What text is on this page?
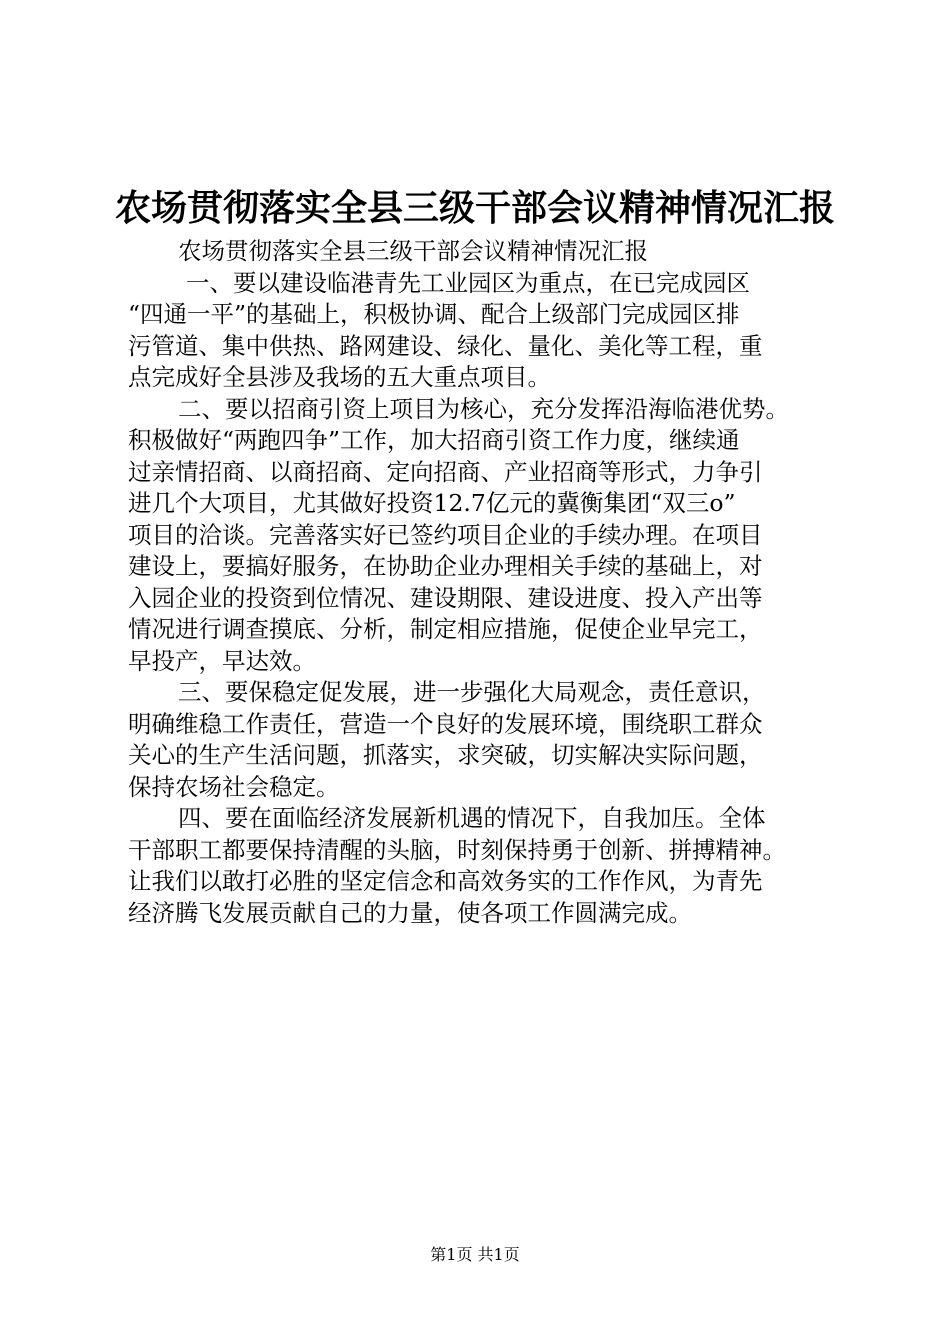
农场贯彻落实全县三级干部会议精神情况汇报
农场贯彻落实全县三级干部会议精神情况汇报
一、要以建设临港青先工业园区为重点，在已完成园区
“四通一平”的基础上，积极协调、配合上级部门完成园区排
污管道、集中供热、路网建设、绿化、量化、美化等工程，重
点完成好全县涉及我场的五大重点项目。
二、要以招商引资上项目为核心，充分发挥沿海临港优势。
积极做好“两跑四争”工作，加大招商引资工作力度，继续通
过亲情招商、以商招商、定向招商、产业招商等形式，力争引
进几个大项目，尤其做好投资12.7亿元的冀衡集团“双三o”
项目的洽谈。完善落实好已签约项目企业的手续办理。在项目
建设上，要搞好服务，在协助企业办理相关手续的基础上，对
入园企业的投资到位情况、建设期限、建设进度、投入产出等
情况进行调查摸底、分析，制定相应措施，促使企业早完工，
早投产，早达效。
三、要保稳定促发展，进一步强化大局观念，责任意识，
明确维稳工作责任，营造一个良好的发展环境，围绕职工群众
关心的生产生活问题，抓落实，求突破，切实解决实际问题，
保持农场社会稳定。
四、要在面临经济发展新机遇的情况下，自我加压。全体
干部职工都要保持清醒的头脑，时刻保持勇于创新、拼搏精神。
让我们以敢打必胜的坚定信念和高效务实的工作作风，为青先
经济腾飞发展贡献自己的力量，使各项工作圆满完成。
第1页 共1页
